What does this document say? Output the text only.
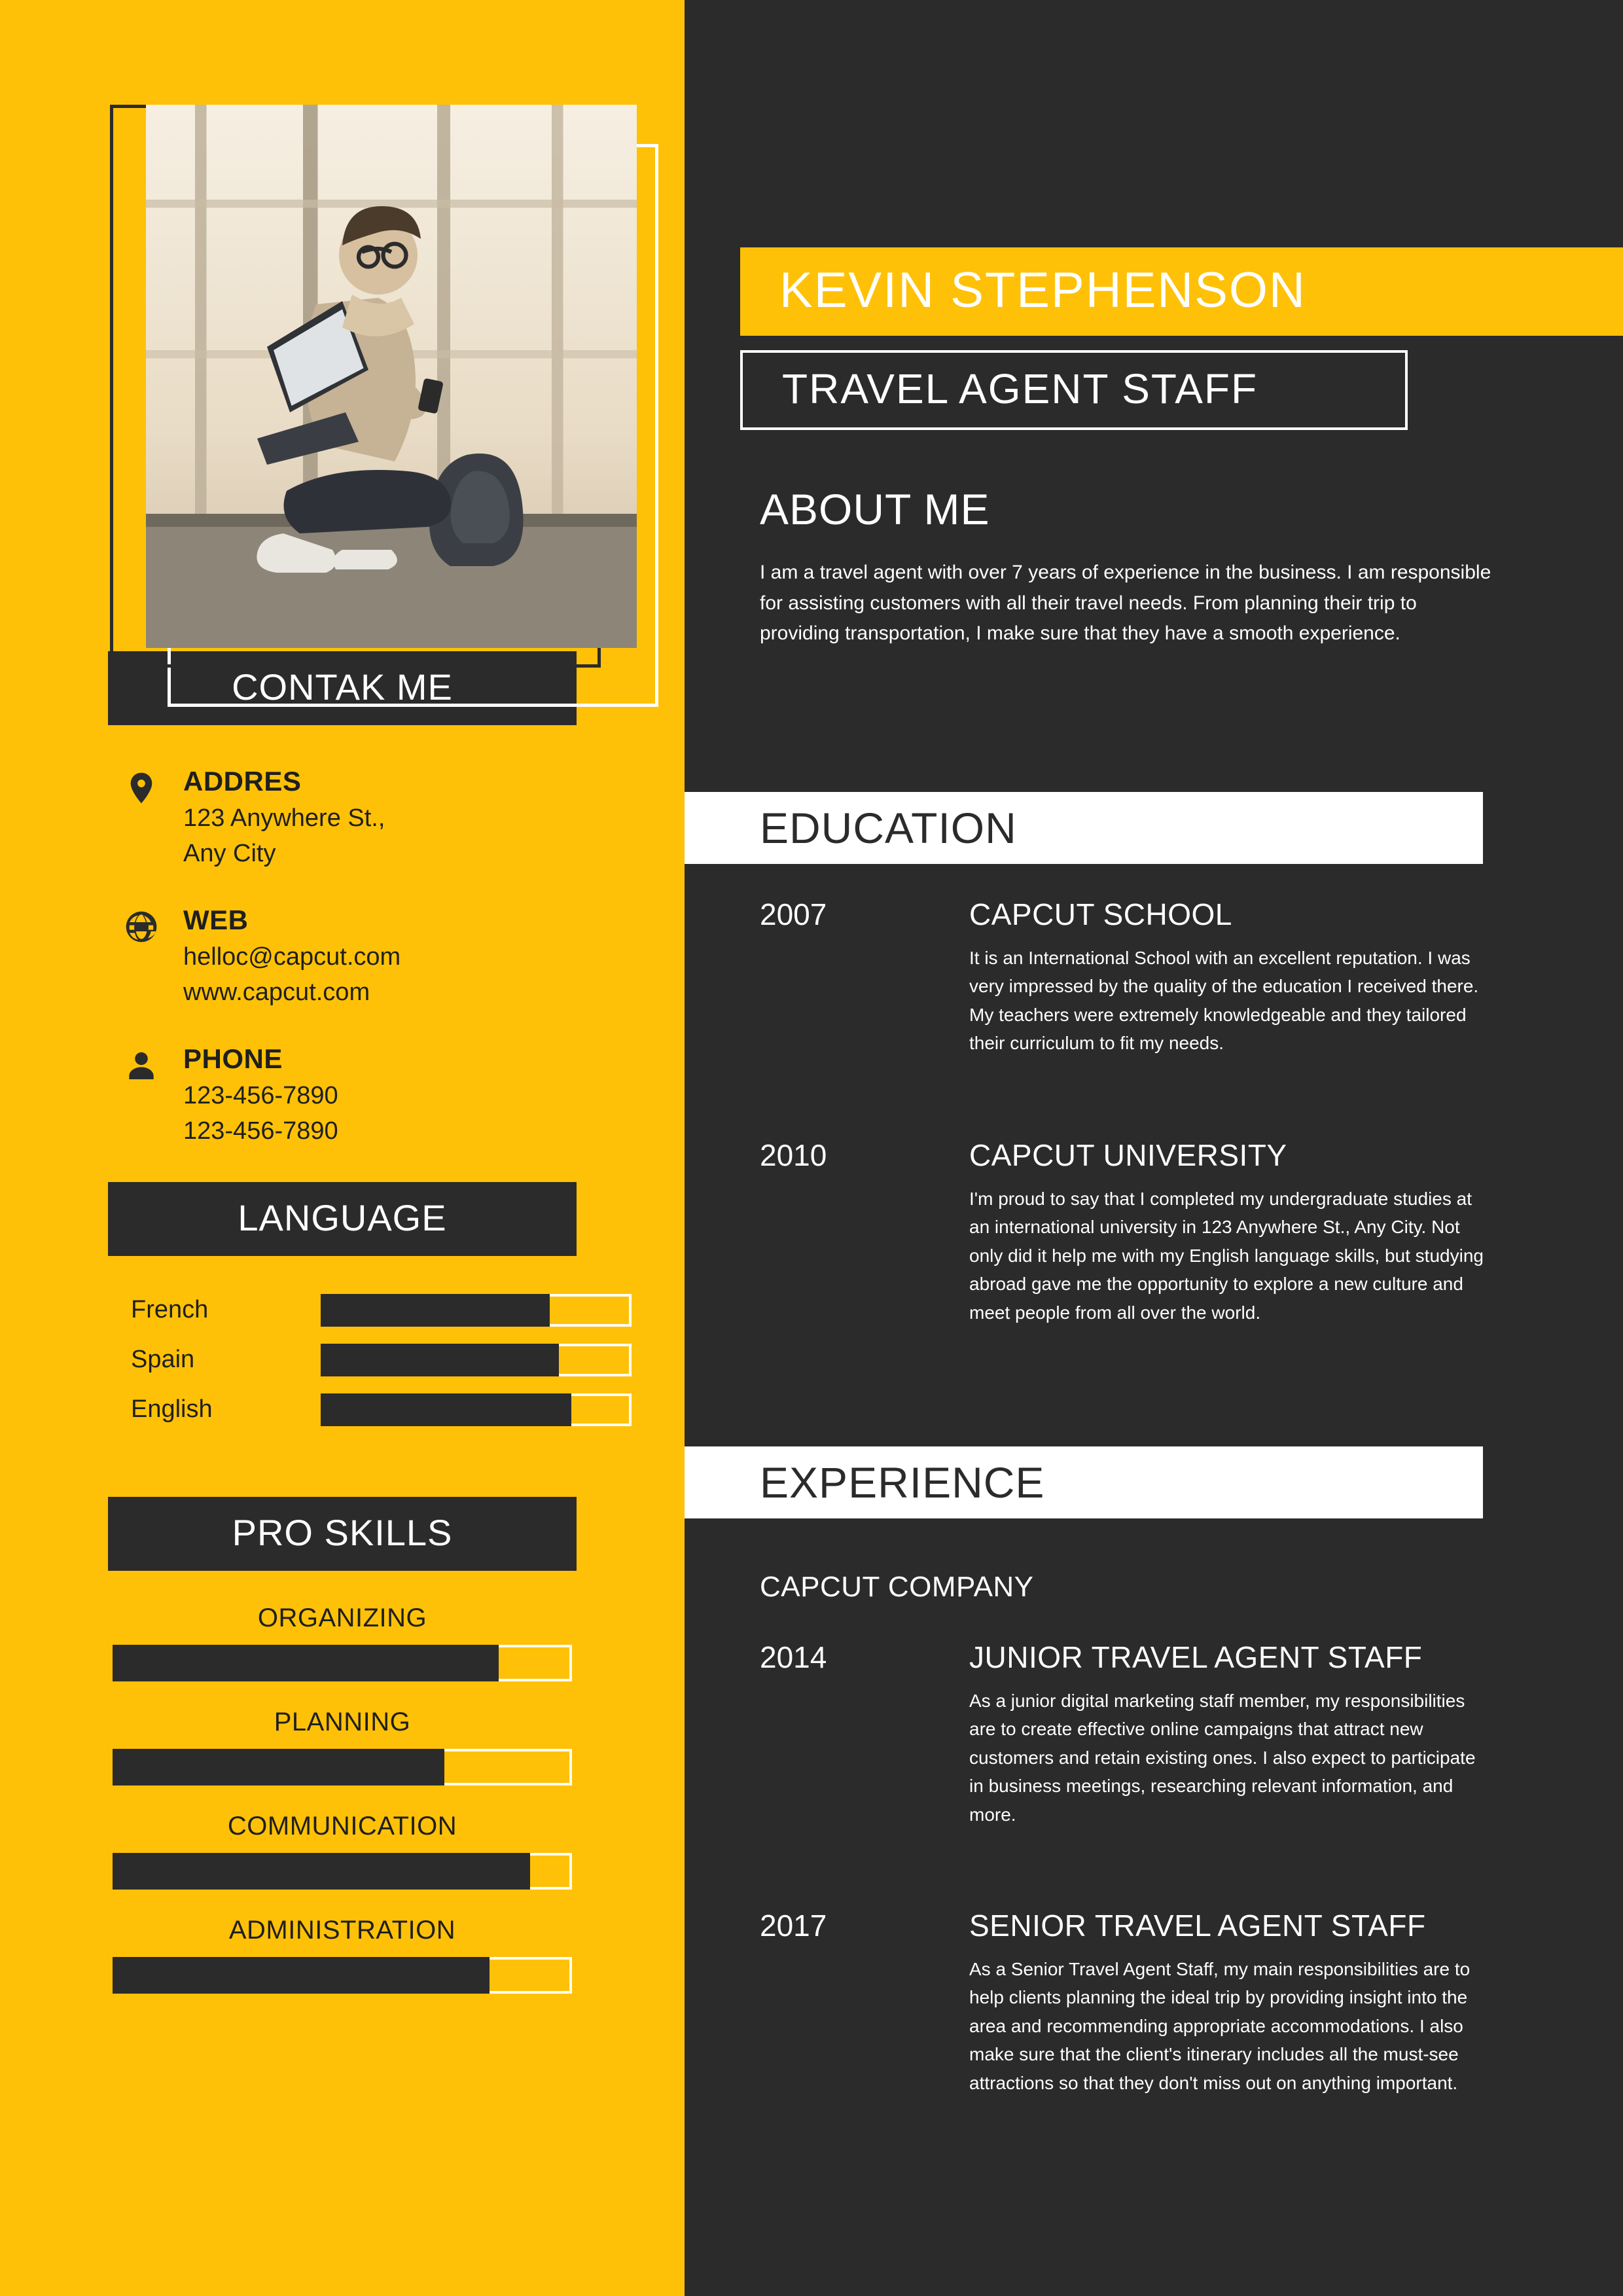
CONTAK ME
ADDRES
123 Anywhere St.,
Any City
WEB
helloc@capcut.com
www.capcut.com
PHONE
123-456-7890
123-456-7890
LANGUAGE
French
Spain
English
PRO SKILLS
ORGANIZING
PLANNING
COMMUNICATION
ADMINISTRATION
KEVIN STEPHENSON
TRAVEL AGENT STAFF
ABOUT ME

I am a travel agent with over 7 years of experience in the business. I am responsible for assisting customers with all their travel needs. From planning their trip to providing transportation, I make sure that they have a smooth experience.

EDUCATION
2007	CAPCUT SCHOOL
It is an International School with an excellent reputation. I was very impressed by the quality of the education I received there. My teachers were extremely knowledgeable and they tailored their curriculum to fit my needs.
2010	CAPCUT UNIVERSITY
I'm proud to say that I completed my undergraduate studies at an international university in 123 Anywhere St., Any City. Not only did it help me with my English language skills, but studying abroad gave me the opportunity to explore a new culture and meet people from all over the world.
EXPERIENCE
CAPCUT COMPANY
2014	JUNIOR TRAVEL AGENT STAFF
As a junior digital marketing staff member, my responsibilities are to create effective online campaigns that attract new customers and retain existing ones. I also expect to participate in business meetings, researching relevant information, and more.
2017	SENIOR TRAVEL AGENT STAFF
As a Senior Travel Agent Staff, my main responsibilities are to help clients planning the ideal trip by providing insight into the area and recommending appropriate accommodations. I also make sure that the client's itinerary includes all the must-see attractions so that they don't miss out on anything important.
